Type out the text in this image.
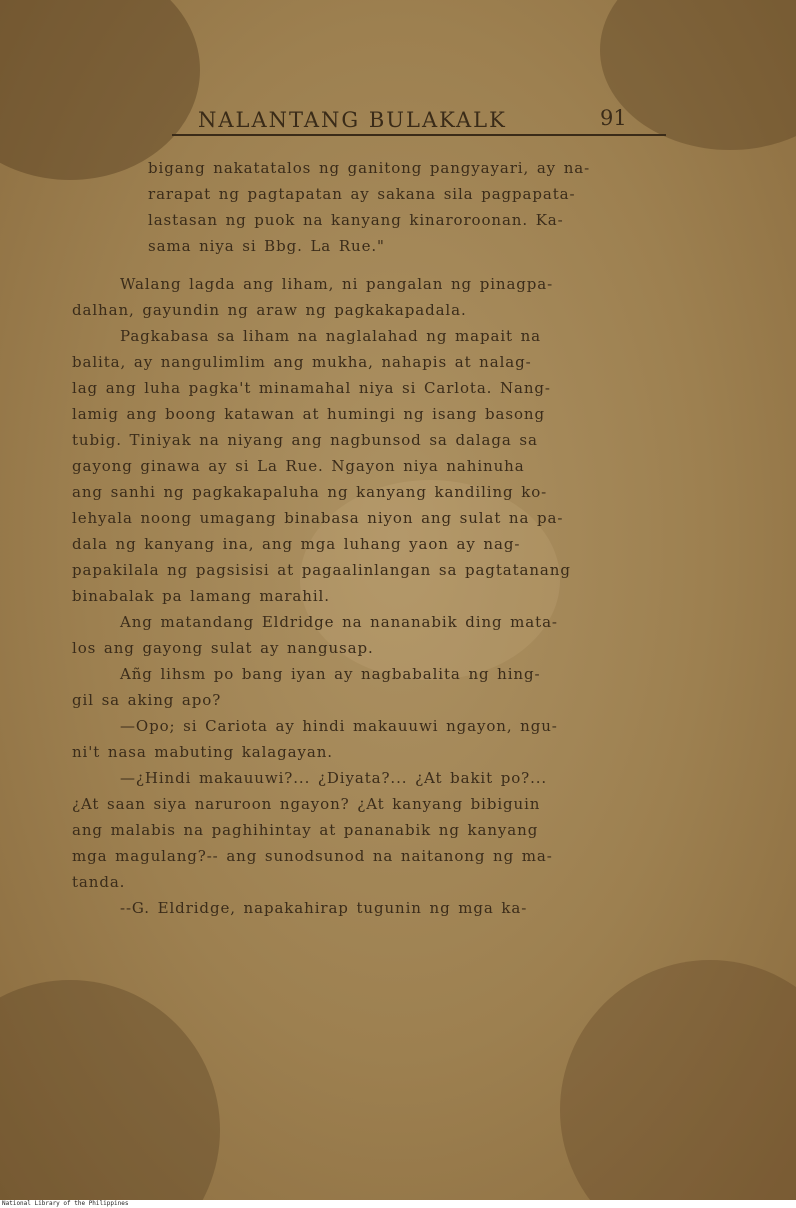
NALANTANG BULAKALK	91
bigang nakatatalos ng ganitong pangyayari, ay na-
rarapat ng pagtapatan ay sakana sila pagpapata-
lastasan ng puok na kanyang kinaroroonan. Ka-
sama niya si Bbg. La Rue."
Walang lagda ang liham, ni pangalan ng pinagpa-
dalhan, gayundin ng araw ng pagkakapadala.
Pagkabasa sa liham na naglalahad ng mapait na
balita, ay nangulimlim ang mukha, nahapis at nalag-
lag ang luha pagka't minamahal niya si Carlota. Nang-
lamig ang boong katawan at humingi ng isang basong
tubig. Tiniyak na niyang ang nagbunsod sa dalaga sa
gayong ginawa ay si La Rue. Ngayon niya nahinuha
ang sanhi ng pagkakapaluha ng kanyang kandiling ko-
lehyala noong umagang binabasa niyon ang sulat na pa-
dala ng kanyang ina, ang mga luhang yaon ay nag-
papakilala ng pagsisisi at pagaalinlangan sa pagtatanang
binabalak pa lamang marahil.
Ang matandang Eldridge na nananabik ding mata-
los ang gayong sulat ay nangusap.
Añg lihsm po bang iyan ay nagbabalita ng hing-
gil sa aking apo?
—Opo; si Cariota ay hindi makauuwi ngayon, ngu-
ni't nasa mabuting kalagayan.
—¿Hindi makauuwi?... ¿Diyata?... ¿At bakit po?...
¿At saan siya naruroon ngayon? ¿At kanyang bibiguin
ang malabis na paghihintay at pananabik ng kanyang
mga magulang?-- ang sunodsunod na naitanong ng ma-
tanda.
--G. Eldridge, napakahirap tugunin ng mga ka-
National Library of the Philippines
